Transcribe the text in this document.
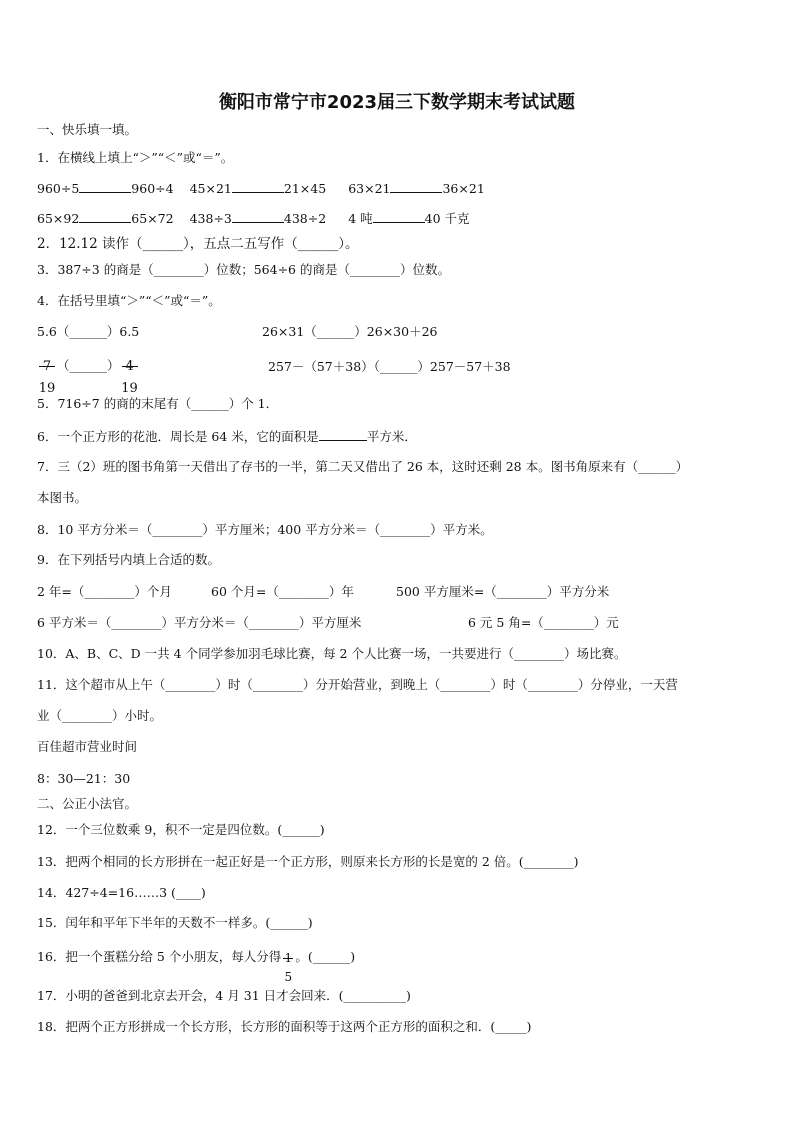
衡阳市常宁市2023届三下数学期末考试试题
一、快乐填一填。
1．在横线上填上“＞”“＜”或“＝”。
960÷5	960÷4 45×21	21×45 63×21	36×21
65×92	65×72 438÷3	438÷2 4 吨	40 千克
2．12.12 读作（______），五点二五写作（______）。
3．387÷3 的商是（________）位数；564÷6 的商是（________）位数。
4．在括号里填“＞”“＜”或“＝”。
5.6（______）6.5	26×31（______）26×30＋26
7
19
（______） 4
19
257－（57＋38）（______）257－57＋38
5．716÷7 的商的末尾有（______）个 1．
6．一个正方形的花池．周长是 64 米，它的面积是	平方米．
7．三（2）班的图书角第一天借出了存书的一半，第二天又借出了 26 本，这时还剩 28 本。图书角原来有（______）
本图书。
8．10 平方分米＝（________）平方厘米；400 平方分米＝（________）平方米。
9．在下列括号内填上合适的数。
2 年=（________）个月	60 个月=（________）年	500 平方厘米=（________）平方分米
6 平方米＝（________）平方分米＝（________）平方厘米	6 元 5 角=（________）元
10．A、B、C、D 一共 4 个同学参加羽毛球比赛，每 2 个人比赛一场，一共要进行（________）场比赛。
11．这个超市从上午（________）时（________）分开始营业，到晚上（________）时（________）分停业，一天营
业（________）小时。
百佳超市营业时间
8：30—21：30
二、公正小法官。
12．一个三位数乘 9，积不一定是四位数。(______)
13．把两个相同的长方形拼在一起正好是一个正方形，则原来长方形的长是宽的 2 倍。(________)
14．427÷4=16……3 (____)
15．闰年和平年下半年的天数不一样多。(______)
16．把一个蛋糕分给 5 个小朋友，每人分得 1
5
。(______)
17．小明的爸爸到北京去开会，4 月 31 日才会回来．(__________)
18．把两个正方形拼成一个长方形，长方形的面积等于这两个正方形的面积之和．(_____)
